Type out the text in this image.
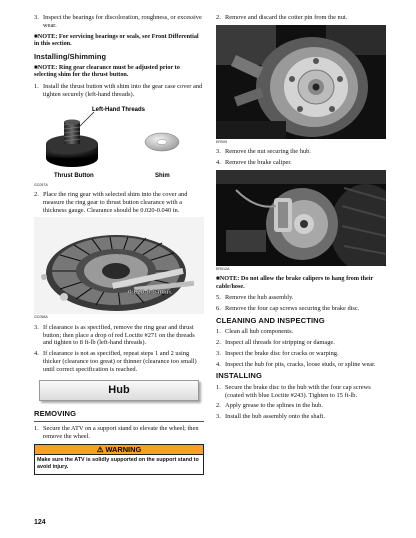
3. Inspect the bearings for discoloration, roughness, or excessive wear.
■NOTE: For servicing bearings or seals, see Front Differential in this section.
Installing/Shimming
■NOTE: Ring gear clearance must be adjusted prior to selecting shim for the thrust button.
1. Install the thrust button with shim into the gear case cover and tighten securely (left-hand threads).
Left-Hand Threads
Thrust Button	Shim
GC057A
2. Place the ring gear with selected shim into the cover and measure the ring gear to thrust button clearance with a thickness gauge. Clearance should be 0.020-0.040 in.
0.020-0.040 in.
GC058A
3. If clearance is as specified, remove the ring gear and thrust button; then place a drop of red Loctite #271 on the threads and tighten to 8 ft-lb (left-hand threads).
4. If clearance is not as specified, repeat steps 1 and 2 using thicker (clearance too great) or thinner (clearance too small) until correct specification is reached.
Hub
REMOVING
1. Secure the ATV on a support stand to elevate the wheel; then remove the wheel.
⚠ WARNING
Make sure the ATV is solidly supported on the support stand to avoid injury.
2. Remove and discard the cotter pin from the nut.
ER009
3. Remove the nut securing the hub.
4. Remove the brake caliper.
ER012A
■NOTE: Do not allow the brake calipers to hang from their cable/hose.
5. Remove the hub assembly.
6. Remove the four cap screws securing the brake disc.
CLEANING AND INSPECTING
1. Clean all hub components.
2. Inspect all threads for stripping or damage.
3. Inspect the brake disc for cracks or warping.
4. Inspect the hub for pits, cracks, loose studs, or spline wear.
INSTALLING
1. Secure the brake disc to the hub with the four cap screws (coated with blue Loctite #243). Tighten to 15 ft-lb.
2. Apply grease to the splines in the hub.
3. Install the hub assembly onto the shaft.
124
